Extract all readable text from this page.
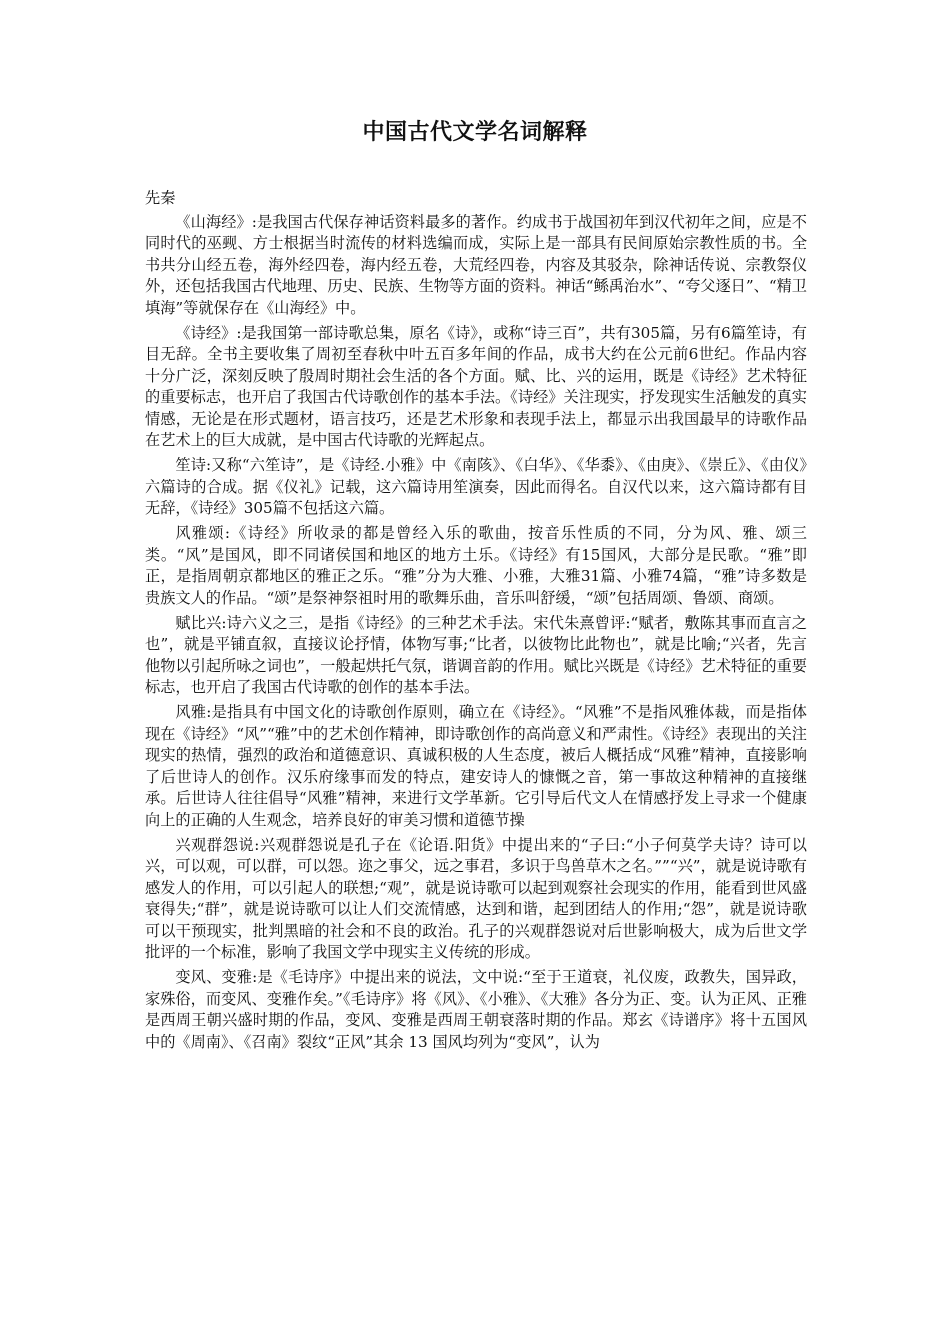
中国古代文学名词解释
先秦

《山海经》:是我国古代保存神话资料最多的著作。约成书于战国初年到汉代初年之间，应是不同时代的巫觋、方士根据当时流传的材料选编而成，实际上是一部具有民间原始宗教性质的书。全书共分山经五卷，海外经四卷，海内经五卷，大荒经四卷，内容及其驳杂，除神话传说、宗教祭仪外，还包括我国古代地理、历史、民族、生物等方面的资料。神话“鲧禹治水”、“夸父逐日”、“精卫填海”等就保存在《山海经》中。

《诗经》:是我国第一部诗歌总集，原名《诗》，或称“诗三百”，共有305篇，另有6篇笙诗，有目无辞。全书主要收集了周初至春秋中叶五百多年间的作品，成书大约在公元前6世纪。作品内容十分广泛，深刻反映了殷周时期社会生活的各个方面。赋、比、兴的运用，既是《诗经》艺术特征的重要标志，也开启了我国古代诗歌创作的基本手法。《诗经》关注现实，抒发现实生活触发的真实情感，无论是在形式题材，语言技巧，还是艺术形象和表现手法上，都显示出我国最早的诗歌作品在艺术上的巨大成就，是中国古代诗歌的光辉起点。

笙诗:又称“六笙诗”，是《诗经.小雅》中《南陔》、《白华》、《华黍》、《由庚》、《崇丘》、《由仪》六篇诗的合成。据《仪礼》记载，这六篇诗用笙演奏，因此而得名。自汉代以来，这六篇诗都有目无辞，《诗经》305篇不包括这六篇。

风雅颂:《诗经》所收录的都是曾经入乐的歌曲，按音乐性质的不同，分为风、雅、颂三类。“风”是国风，即不同诸侯国和地区的地方土乐。《诗经》有15国风，大部分是民歌。“雅”即正，是指周朝京都地区的雅正之乐。“雅”分为大雅、小雅，大雅31篇、小雅74篇，“雅”诗多数是贵族文人的作品。“颂”是祭神祭祖时用的歌舞乐曲，音乐叫舒缓，“颂”包括周颂、鲁颂、商颂。

赋比兴:诗六义之三，是指《诗经》的三种艺术手法。宋代朱熹曾评:“赋者，敷陈其事而直言之也”，就是平铺直叙，直接议论抒情，体物写事;“比者，以彼物比此物也”，就是比喻;“兴者，先言他物以引起所咏之词也”，一般起烘托气氛，谐调音韵的作用。赋比兴既是《诗经》艺术特征的重要标志，也开启了我国古代诗歌的创作的基本手法。

风雅:是指具有中国文化的诗歌创作原则，确立在《诗经》。“风雅”不是指风雅体裁，而是指体现在《诗经》“风”“雅”中的艺术创作精神，即诗歌创作的高尚意义和严肃性。《诗经》表现出的关注现实的热情，强烈的政治和道德意识、真诚积极的人生态度，被后人概括成“风雅”精神，直接影响了后世诗人的创作。汉乐府缘事而发的特点，建安诗人的慷慨之音，第一事故这种精神的直接继承。后世诗人往往倡导“风雅”精神，来进行文学革新。它引导后代文人在情感抒发上寻求一个健康向上的正确的人生观念，培养良好的审美习惯和道德节操

兴观群怨说:兴观群怨说是孔子在《论语.阳货》中提出来的“子曰:“小子何莫学夫诗？诗可以兴，可以观，可以群，可以怨。迩之事父，远之事君，多识于鸟兽草木之名。””“兴”，就是说诗歌有感发人的作用，可以引起人的联想;“观”，就是说诗歌可以起到观察社会现实的作用，能看到世风盛衰得失;“群”，就是说诗歌可以让人们交流情感，达到和谐，起到团结人的作用;“怨”，就是说诗歌可以干预现实，批判黑暗的社会和不良的政治。孔子的兴观群怨说对后世影响极大，成为后世文学批评的一个标准，影响了我国文学中现实主义传统的形成。

变风、变雅:是《毛诗序》中提出来的说法，文中说:“至于王道衰，礼仪废，政教失，国异政，家殊俗，而变风、变雅作矣。”《毛诗序》将《风》、《小雅》、《大雅》各分为正、变。认为正风、正雅是西周王朝兴盛时期的作品，变风、变雅是西周王朝衰落时期的作品。郑玄《诗谱序》将十五国风中的《周南》、《召南》裂纹“正风”其余 13 国风均列为“变风”，认为
